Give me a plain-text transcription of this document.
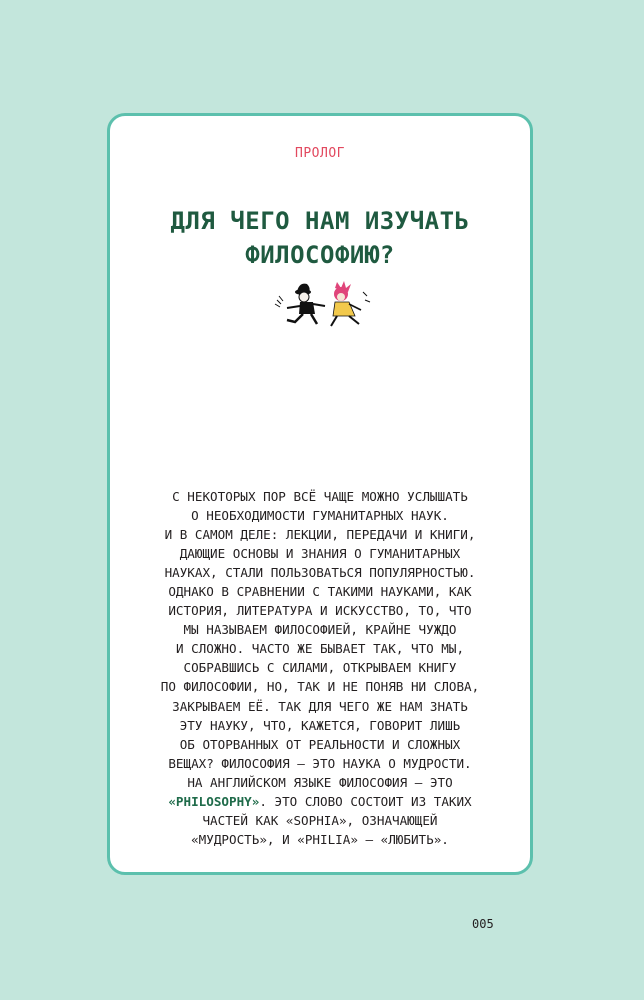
ПРОЛОГ
ДЛЯ ЧЕГО НАМ ИЗУЧАТЬ
ФИЛОСОФИЮ?
С НЕКОТОРЫХ ПОР ВСЁ ЧАЩЕ МОЖНО УСЛЫШАТЬ
О НЕОБХОДИМОСТИ ГУМАНИТАРНЫХ НАУК.
И В САМОМ ДЕЛЕ: ЛЕКЦИИ, ПЕРЕДАЧИ И КНИГИ,
ДАЮЩИЕ ОСНОВЫ И ЗНАНИЯ О ГУМАНИТАРНЫХ
НАУКАХ, СТАЛИ ПОЛЬЗОВАТЬСЯ ПОПУЛЯРНОСТЬЮ.
ОДНАКО В СРАВНЕНИИ С ТАКИМИ НАУКАМИ, КАК
ИСТОРИЯ, ЛИТЕРАТУРА И ИСКУССТВО, ТО, ЧТО
МЫ НАЗЫВАЕМ ФИЛОСОФИЕЙ, КРАЙНЕ ЧУЖДО
И СЛОЖНО. ЧАСТО ЖЕ БЫВАЕТ ТАК, ЧТО МЫ,
СОБРАВШИСЬ С СИЛАМИ, ОТКРЫВАЕМ КНИГУ
ПО ФИЛОСОФИИ, НО, ТАК И НЕ ПОНЯВ НИ СЛОВА,
ЗАКРЫВАЕМ ЕЁ. ТАК ДЛЯ ЧЕГО ЖЕ НАМ ЗНАТЬ
ЭТУ НАУКУ, ЧТО, КАЖЕТСЯ, ГОВОРИТ ЛИШЬ
ОБ ОТОРВАННЫХ ОТ РЕАЛЬНОСТИ И СЛОЖНЫХ
ВЕЩАХ? ФИЛОСОФИЯ — ЭТО НАУКА О МУДРОСТИ.
НА АНГЛИЙСКОМ ЯЗЫКЕ ФИЛОСОФИЯ — ЭТО
«PHILOSOPHY». ЭТО СЛОВО СОСТОИТ ИЗ ТАКИХ
ЧАСТЕЙ КАК «SOPHIA», ОЗНАЧАЮЩЕЙ
«МУДРОСТЬ», И «PHILIA» — «ЛЮБИТЬ».
005
